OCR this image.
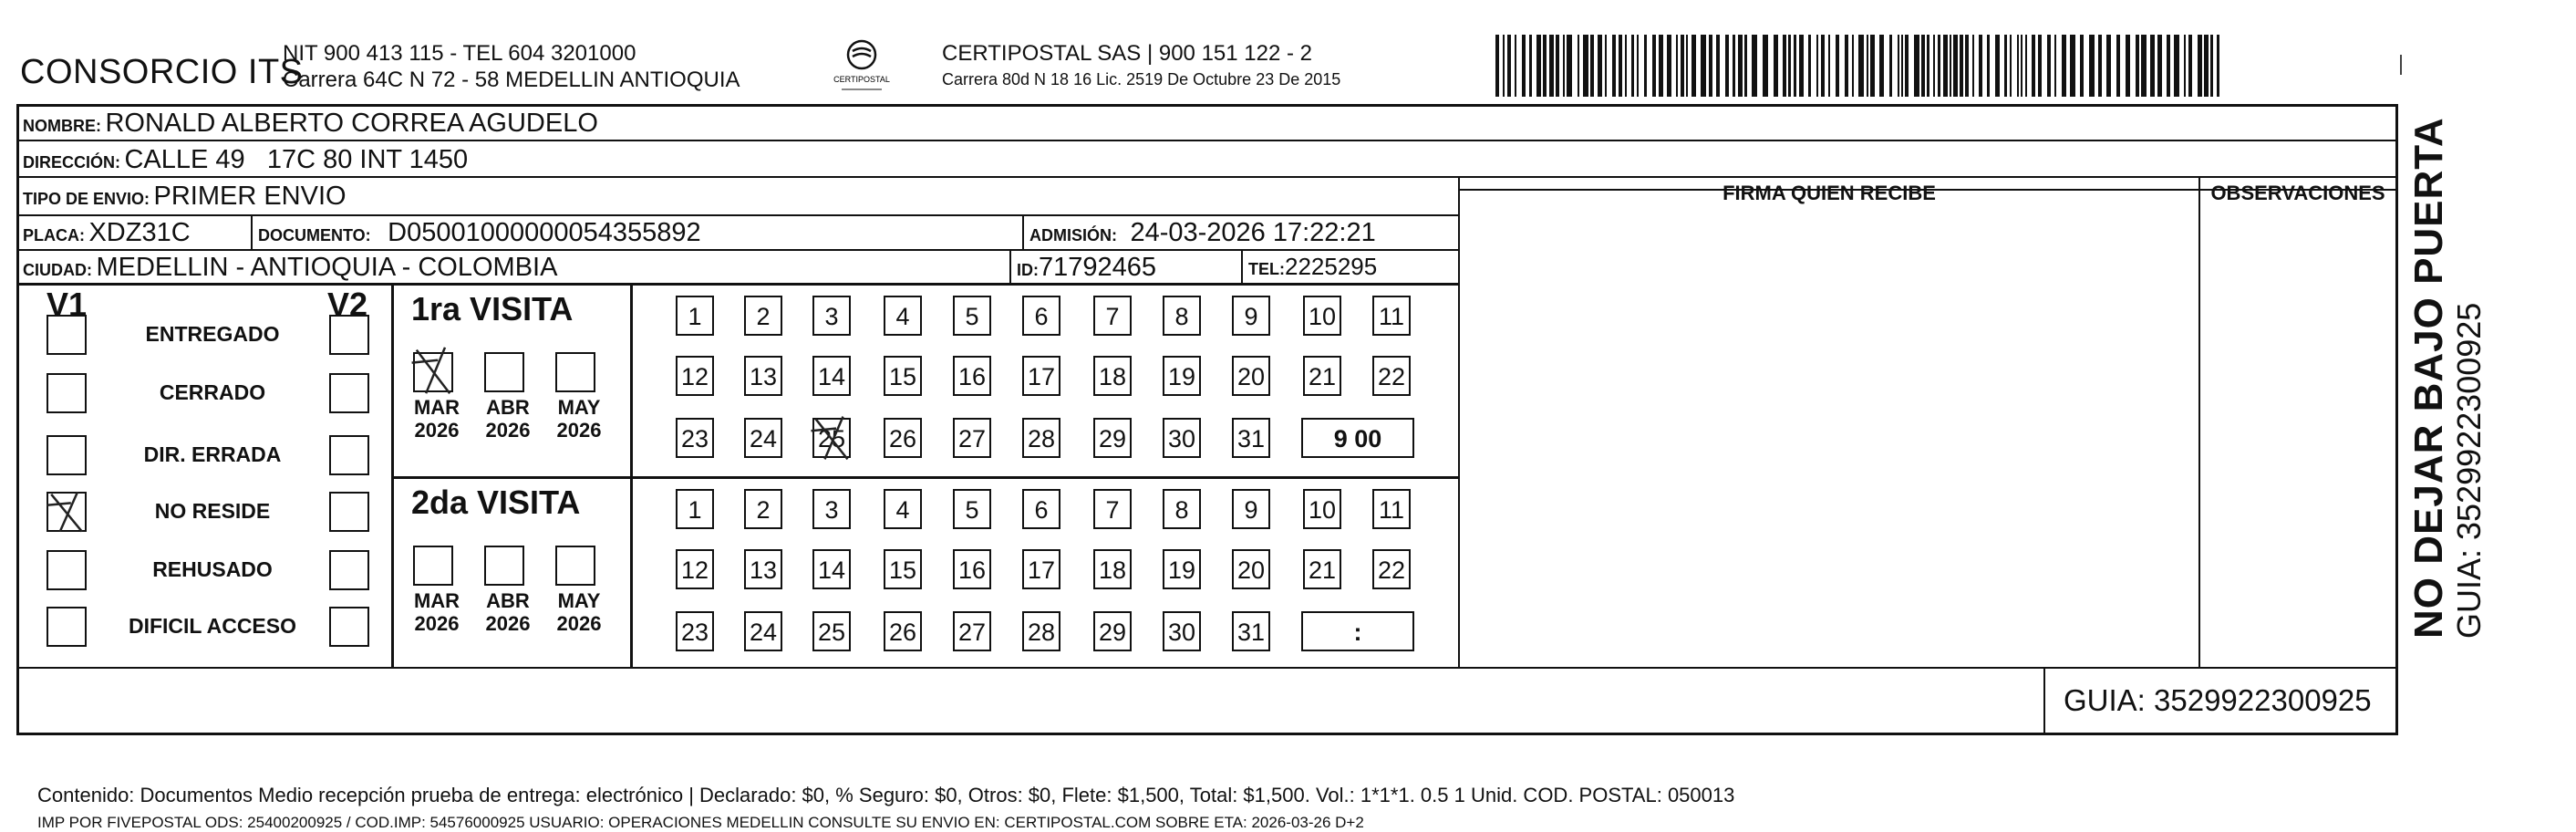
CONSORCIO ITS
NIT 900 413 115 - TEL 604 3201000
Carrera 64C N 72 - 58 MEDELLIN ANTIOQUIA	CERTIPOSTAL
CERTIPOSTAL SAS | 900 151 122 - 2
Carrera 80d N 18 16 Lic. 2519 De Octubre 23 De 2015
NOMBRE: RONALD ALBERTO CORREA AGUDELO
DIRECCIÓN: CALLE 49   17C 80 INT 1450
TIPO DE ENVIO: PRIMER ENVIO
PLACA: XDZ31C	DOCUMENTO: D05001000000054355892	ADMISIÓN: 24-03-2026 17:22:21
CIUDAD: MEDELLIN - ANTIOQUIA - COLOMBIA	ID:71792465	TEL:2225295
FIRMA QUIEN RECIBE	OBSERVACIONES
V1	V2
ENTREGADO
CERRADO
DIR. ERRADA
NO RESIDE
REHUSADO
DIFICIL ACCESO
1ra VISITA
MAR
2026
ABR
2026
MAY
2026
1	2	3	4	5	6	7	8	9	10 11
12 13 14 15 16 17 18 19 20 21 22
23 24 25 26 27 28 29 30 31	9 00
2da VISITA
MAR
2026
ABR
2026
MAY
2026
1	2	3	4	5	6	7	8	9	10 11
12 13 14 15 16 17 18 19 20 21 22
23 24 25 26 27 28 29 30 31	:
Contenido: Documentos Medio recepción prueba de entrega: electrónico | Declarado: $0, % Seguro: $0, Otros: $0, Flete: $1,500, Total: $1,500. Vol.: 1*1*1. 0.5 1 Unid. COD. POSTAL: 050013
IMP POR FIVEPOSTAL ODS: 25400200925 / COD.IMP: 54576000925 USUARIO: OPERACIONES MEDELLIN CONSULTE SU ENVIO EN: CERTIPOSTAL.COM SOBRE ETA: 2026-03-26 D+2
GUIA: 3529922300925
NO DEJAR BAJO PUERTA GUIA: 3529922300925
